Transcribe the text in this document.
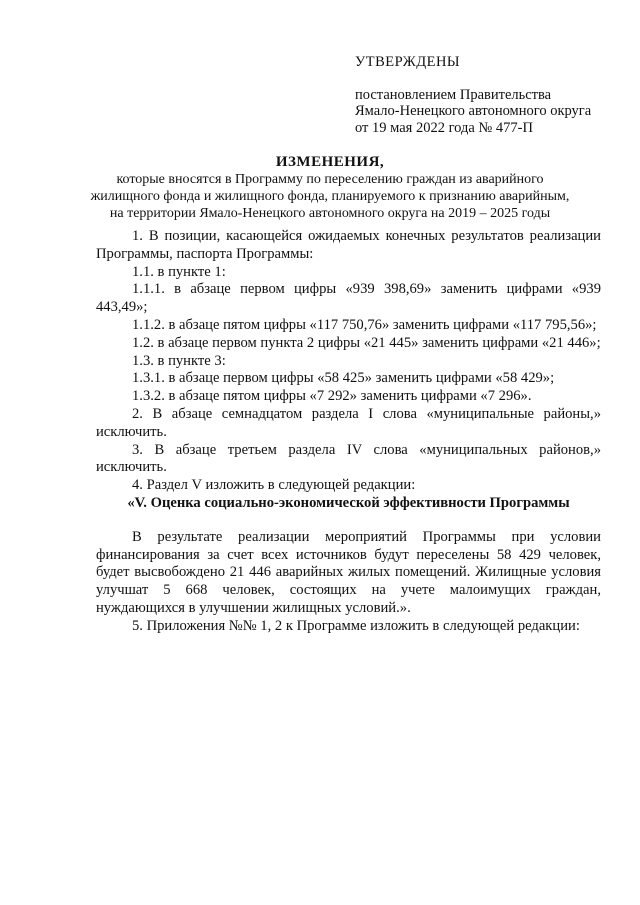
УТВЕРЖДЕНЫ
постановлением Правительства
Ямало-Ненецкого автономного округа
от 19 мая 2022 года № 477-П
ИЗМЕНЕНИЯ,
которые вносятся в Программу по переселению граждан из аварийного
жилищного фонда и жилищного фонда, планируемого к признанию аварийным,
на территории Ямало-Ненецкого автономного округа на 2019 – 2025 годы

1. В позиции, касающейся ожидаемых конечных результатов реализации Программы, паспорта Программы:

1.1. в пункте 1:

1.1.1. в абзаце первом цифры «939 398,69» заменить цифрами «939 443,49»;

1.1.2. в абзаце пятом цифры «117 750,76» заменить цифрами «117 795,56»;

1.2. в абзаце первом пункта 2 цифры «21 445» заменить цифрами «21 446»;

1.3. в пункте 3:

1.3.1. в абзаце первом цифры «58 425» заменить цифрами «58 429»;

1.3.2. в абзаце пятом цифры «7 292» заменить цифрами «7 296».

2. В абзаце семнадцатом раздела I слова «муниципальные районы,» исключить.

3. В абзаце третьем раздела IV слова «муниципальных районов,» исключить.

4. Раздел V изложить в следующей редакции:

«V. Оценка социально-экономической эффективности Программы

В результате реализации мероприятий Программы при условии финансирования за счет всех источников будут переселены 58 429 человек, будет высвобождено 21 446 аварийных жилых помещений. Жилищные условия улучшат 5 668 человек, состоящих на учете малоимущих граждан, нуждающихся в улучшении жилищных условий.».

5. Приложения №№ 1, 2 к Программе изложить в следующей редакции:
